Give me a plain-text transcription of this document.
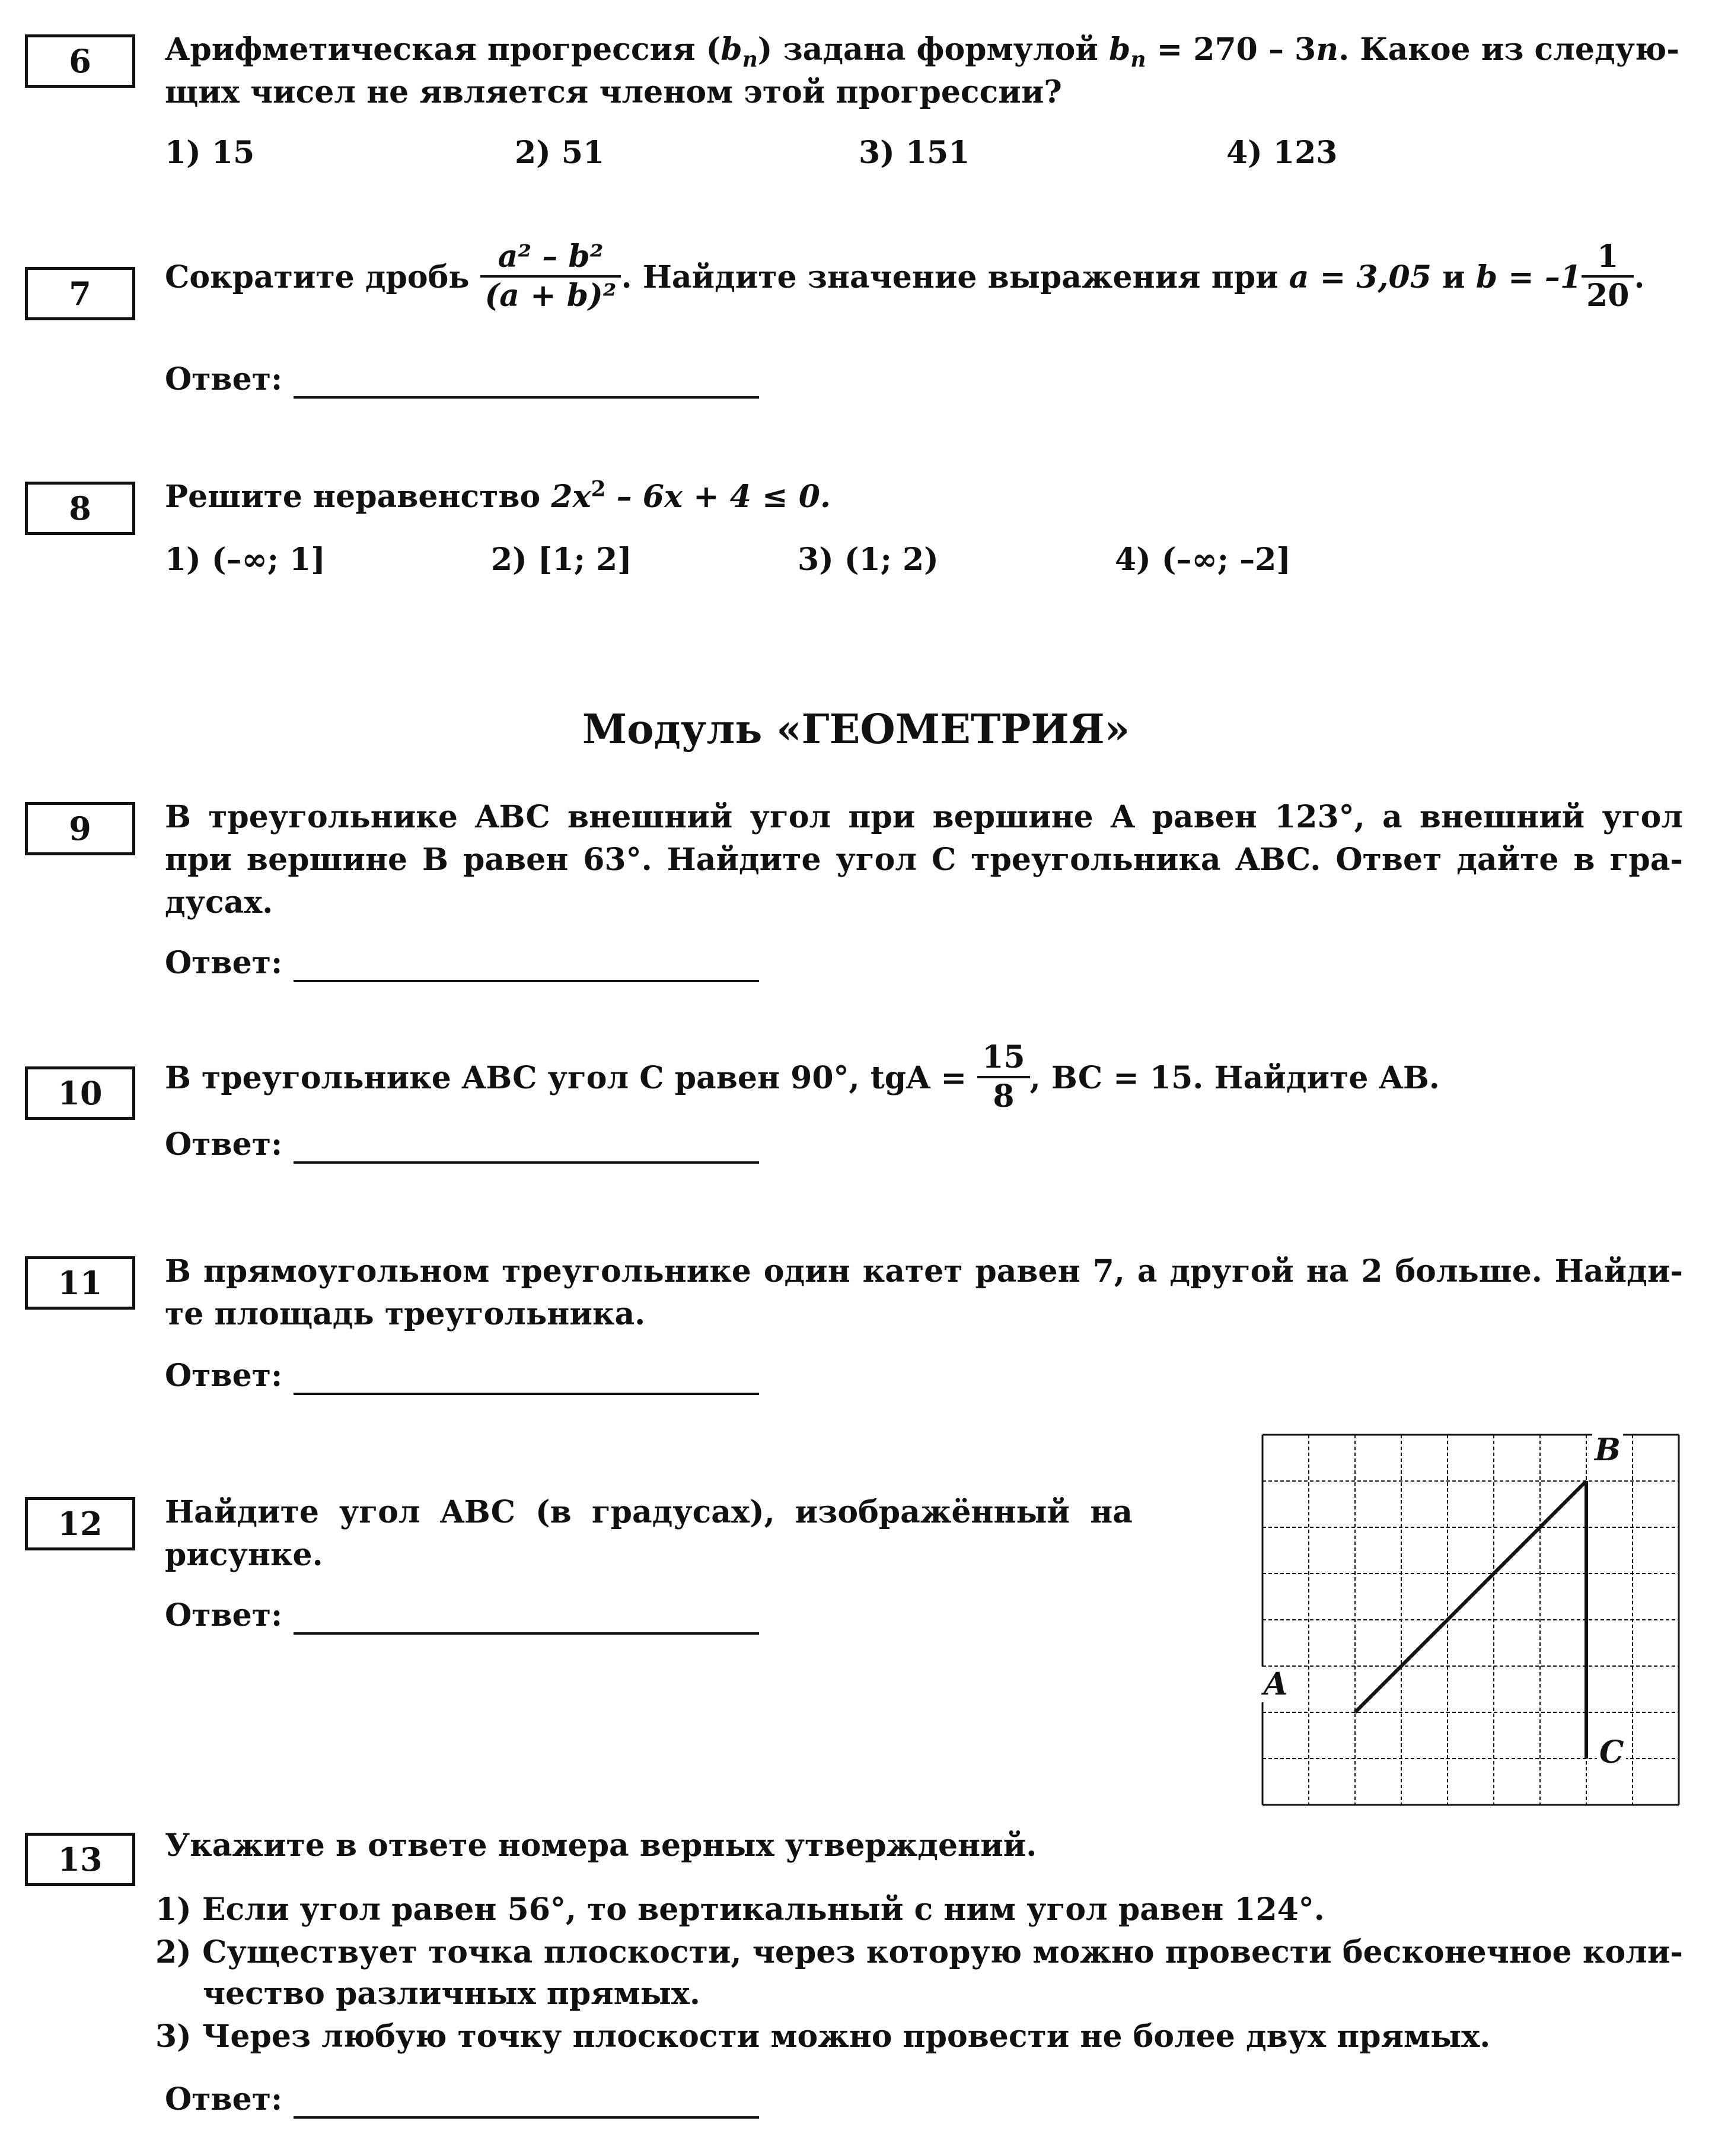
6	Арифметическая прогрессия $(b_n)$ задана формулой $b_n = 270 - 3n$. Какое из следую-
щих чисел не является членом этой прогрессии?
1) 15	2) 51	3) 151	4) 123
7	Сократите дробь $\frac{\text{a² – b²}}{\text{(a + b)²}}$ . Найдите значение выражения при a = 3,05 и $b = -1 \frac{1}{20}$ .
Ответ:
8	Решите неравенство $2x^2 - 6x + 4 \le 0$.
1) (–∞; 1]	2) [1; 2]	3) (1; 2)	4) (–∞; –2]
Модуль «ГЕОМЕТРИЯ»
9	В треугольнике ABC внешний угол при вершине A равен 123°, а внешний угол
при вершине B равен 63°. Найдите угол C треугольника ABC. Ответ дайте в гра-
дусах.
Ответ:
10	В треугольнике ABC угол C равен 90°, tgA = $\frac{15}{8}$ , BC = 15. Найдите AB.
Ответ:
11	В прямоугольном треугольнике один катет равен 7, а другой на 2 больше. Найди-
те площадь треугольника.
Ответ:
12	Найдите угол ABC (в градусах), изображённый на
рисунке.
Ответ:
A
B
C
13	Укажите в ответе номера верных утверждений.
1) Если угол равен 56°, то вертикальный с ним угол равен 124°.
2) Существует точка плоскости, через которую можно провести бесконечное коли-
чество различных прямых.
3) Через любую точку плоскости можно провести не более двух прямых.
Ответ:
